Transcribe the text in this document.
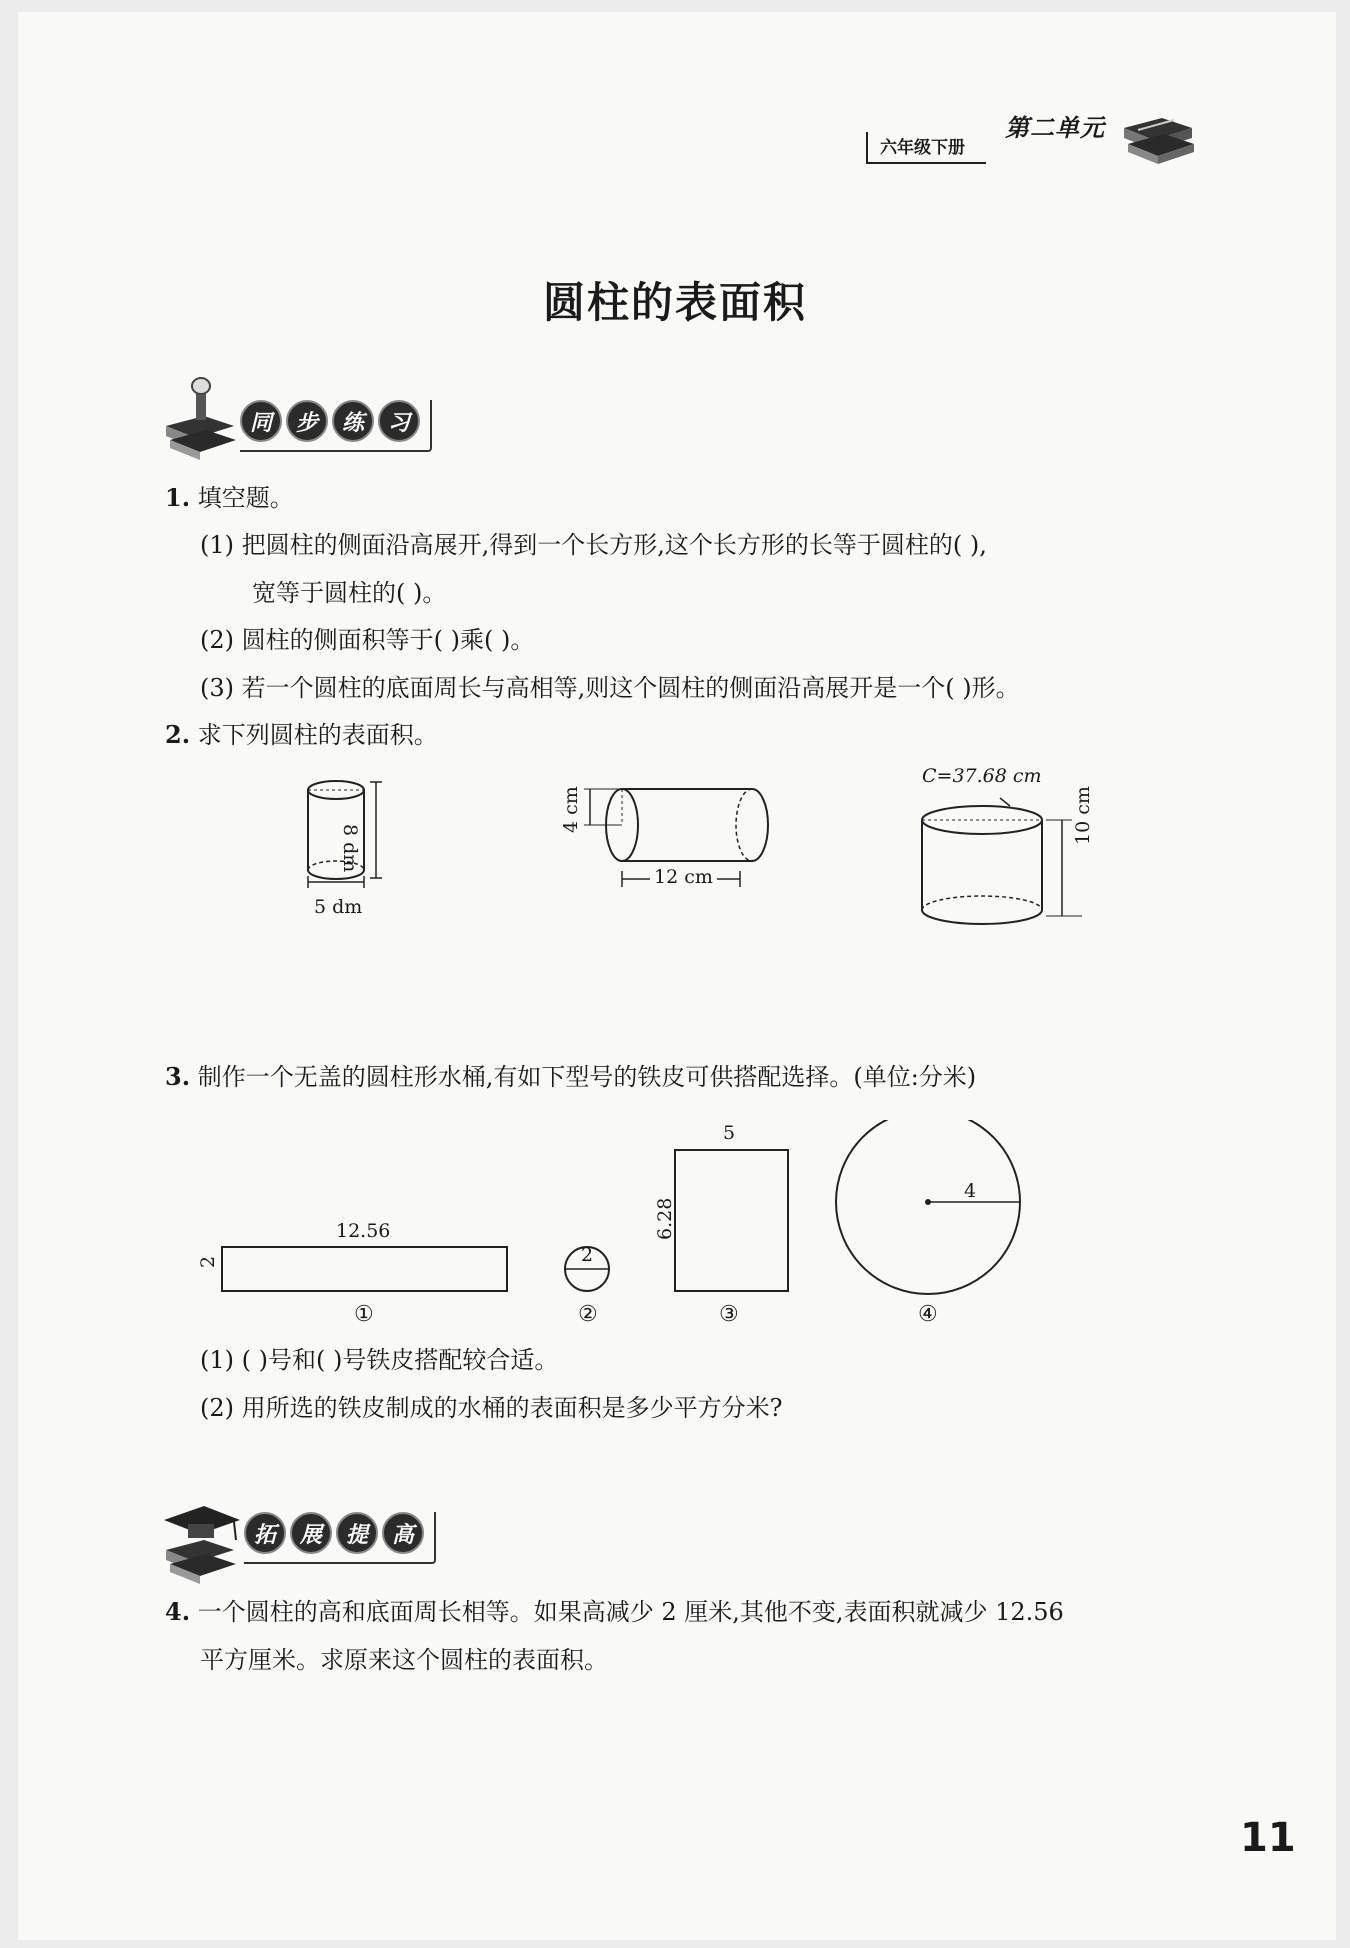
六年级下册
第二单元
圆柱的表面积
同	步	练	习
1. 填空题。
(1) 把圆柱的侧面沿高展开,得到一个长方形,这个长方形的长等于圆柱的( ),
宽等于圆柱的( )。
(2) 圆柱的侧面积等于( )乘( )。
(3) 若一个圆柱的底面周长与高相等,则这个圆柱的侧面沿高展开是一个( )形。
2. 求下列圆柱的表面积。
8 dm
5 dm
4 cm
12 cm
C=37.68 cm
10 cm
3. 制作一个无盖的圆柱形水桶,有如下型号的铁皮可供搭配选择。(单位:分米)
12.56
2	2
5
6.28
4
①	②	③	④
(1) ( )号和( )号铁皮搭配较合适。
(2) 用所选的铁皮制成的水桶的表面积是多少平方分米?
拓	展	提	高
4. 一个圆柱的高和底面周长相等。如果高减少 2 厘米,其他不变,表面积就减少 12.56
平方厘米。求原来这个圆柱的表面积。
11
